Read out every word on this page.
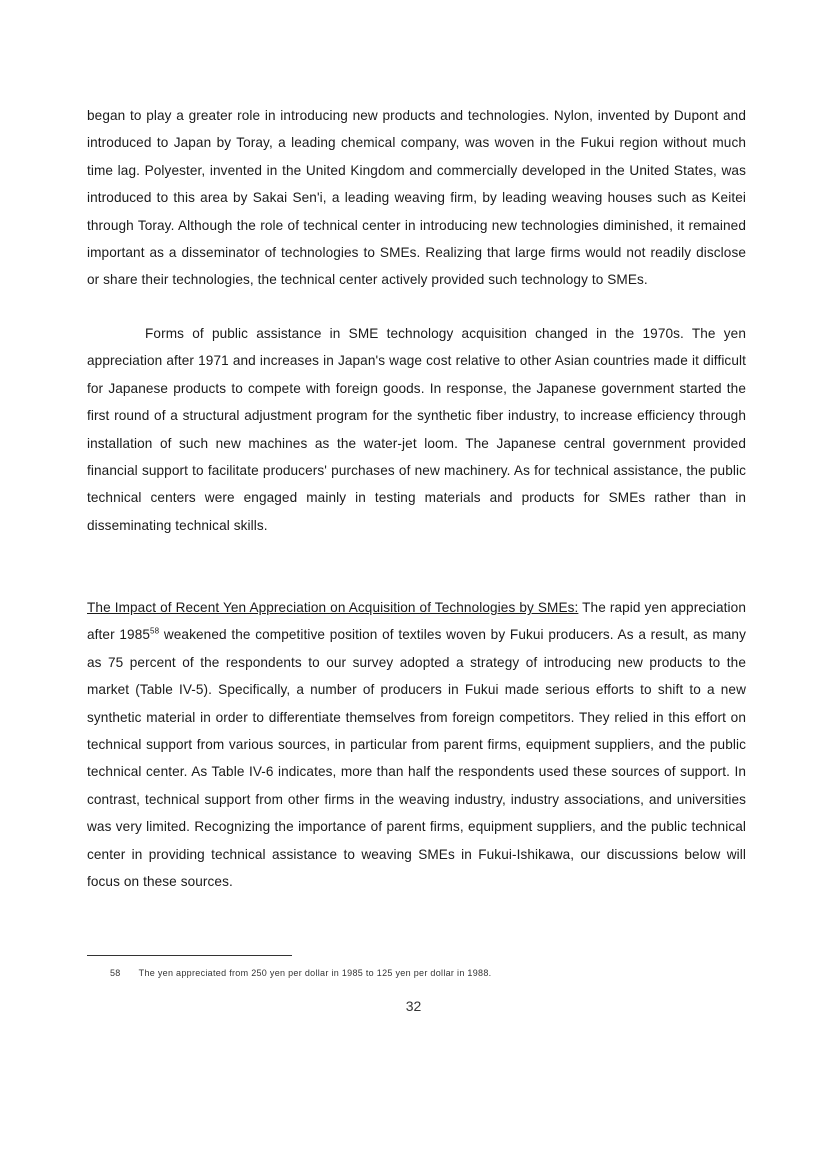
began to play a greater role in introducing new products and technologies. Nylon, invented by Dupont and introduced to Japan by Toray, a leading chemical company, was woven in the Fukui region without much time lag. Polyester, invented in the United Kingdom and commercially developed in the United States, was introduced to this area by Sakai Sen'i, a leading weaving firm, by leading weaving houses such as Keitei through Toray. Although the role of technical center in introducing new technologies diminished, it remained important as a disseminator of technologies to SMEs. Realizing that large firms would not readily disclose or share their technologies, the technical center actively provided such technology to SMEs.

Forms of public assistance in SME technology acquisition changed in the 1970s. The yen appreciation after 1971 and increases in Japan's wage cost relative to other Asian countries made it difficult for Japanese products to compete with foreign goods. In response, the Japanese government started the first round of a structural adjustment program for the synthetic fiber industry, to increase efficiency through installation of such new machines as the water-jet loom. The Japanese central government provided financial support to facilitate producers' purchases of new machinery. As for technical assistance, the public technical centers were engaged mainly in testing materials and products for SMEs rather than in disseminating technical skills.

The Impact of Recent Yen Appreciation on Acquisition of Technologies by SMEs: The rapid yen appreciation after 1985$^{58}$ weakened the competitive position of textiles woven by Fukui producers. As a result, as many as 75 percent of the respondents to our survey adopted a strategy of introducing new products to the market (Table IV-5). Specifically, a number of producers in Fukui made serious efforts to shift to a new synthetic material in order to differentiate themselves from foreign competitors. They relied in this effort on technical support from various sources, in particular from parent firms, equipment suppliers, and the public technical center. As Table IV-6 indicates, more than half the respondents used these sources of support. In contrast, technical support from other firms in the weaving industry, industry associations, and universities was very limited. Recognizing the importance of parent firms, equipment suppliers, and the public technical center in providing technical assistance to weaving SMEs in Fukui-Ishikawa, our discussions below will focus on these sources.

58 The yen appreciated from 250 yen per dollar in 1985 to 125 yen per dollar in 1988.
32
